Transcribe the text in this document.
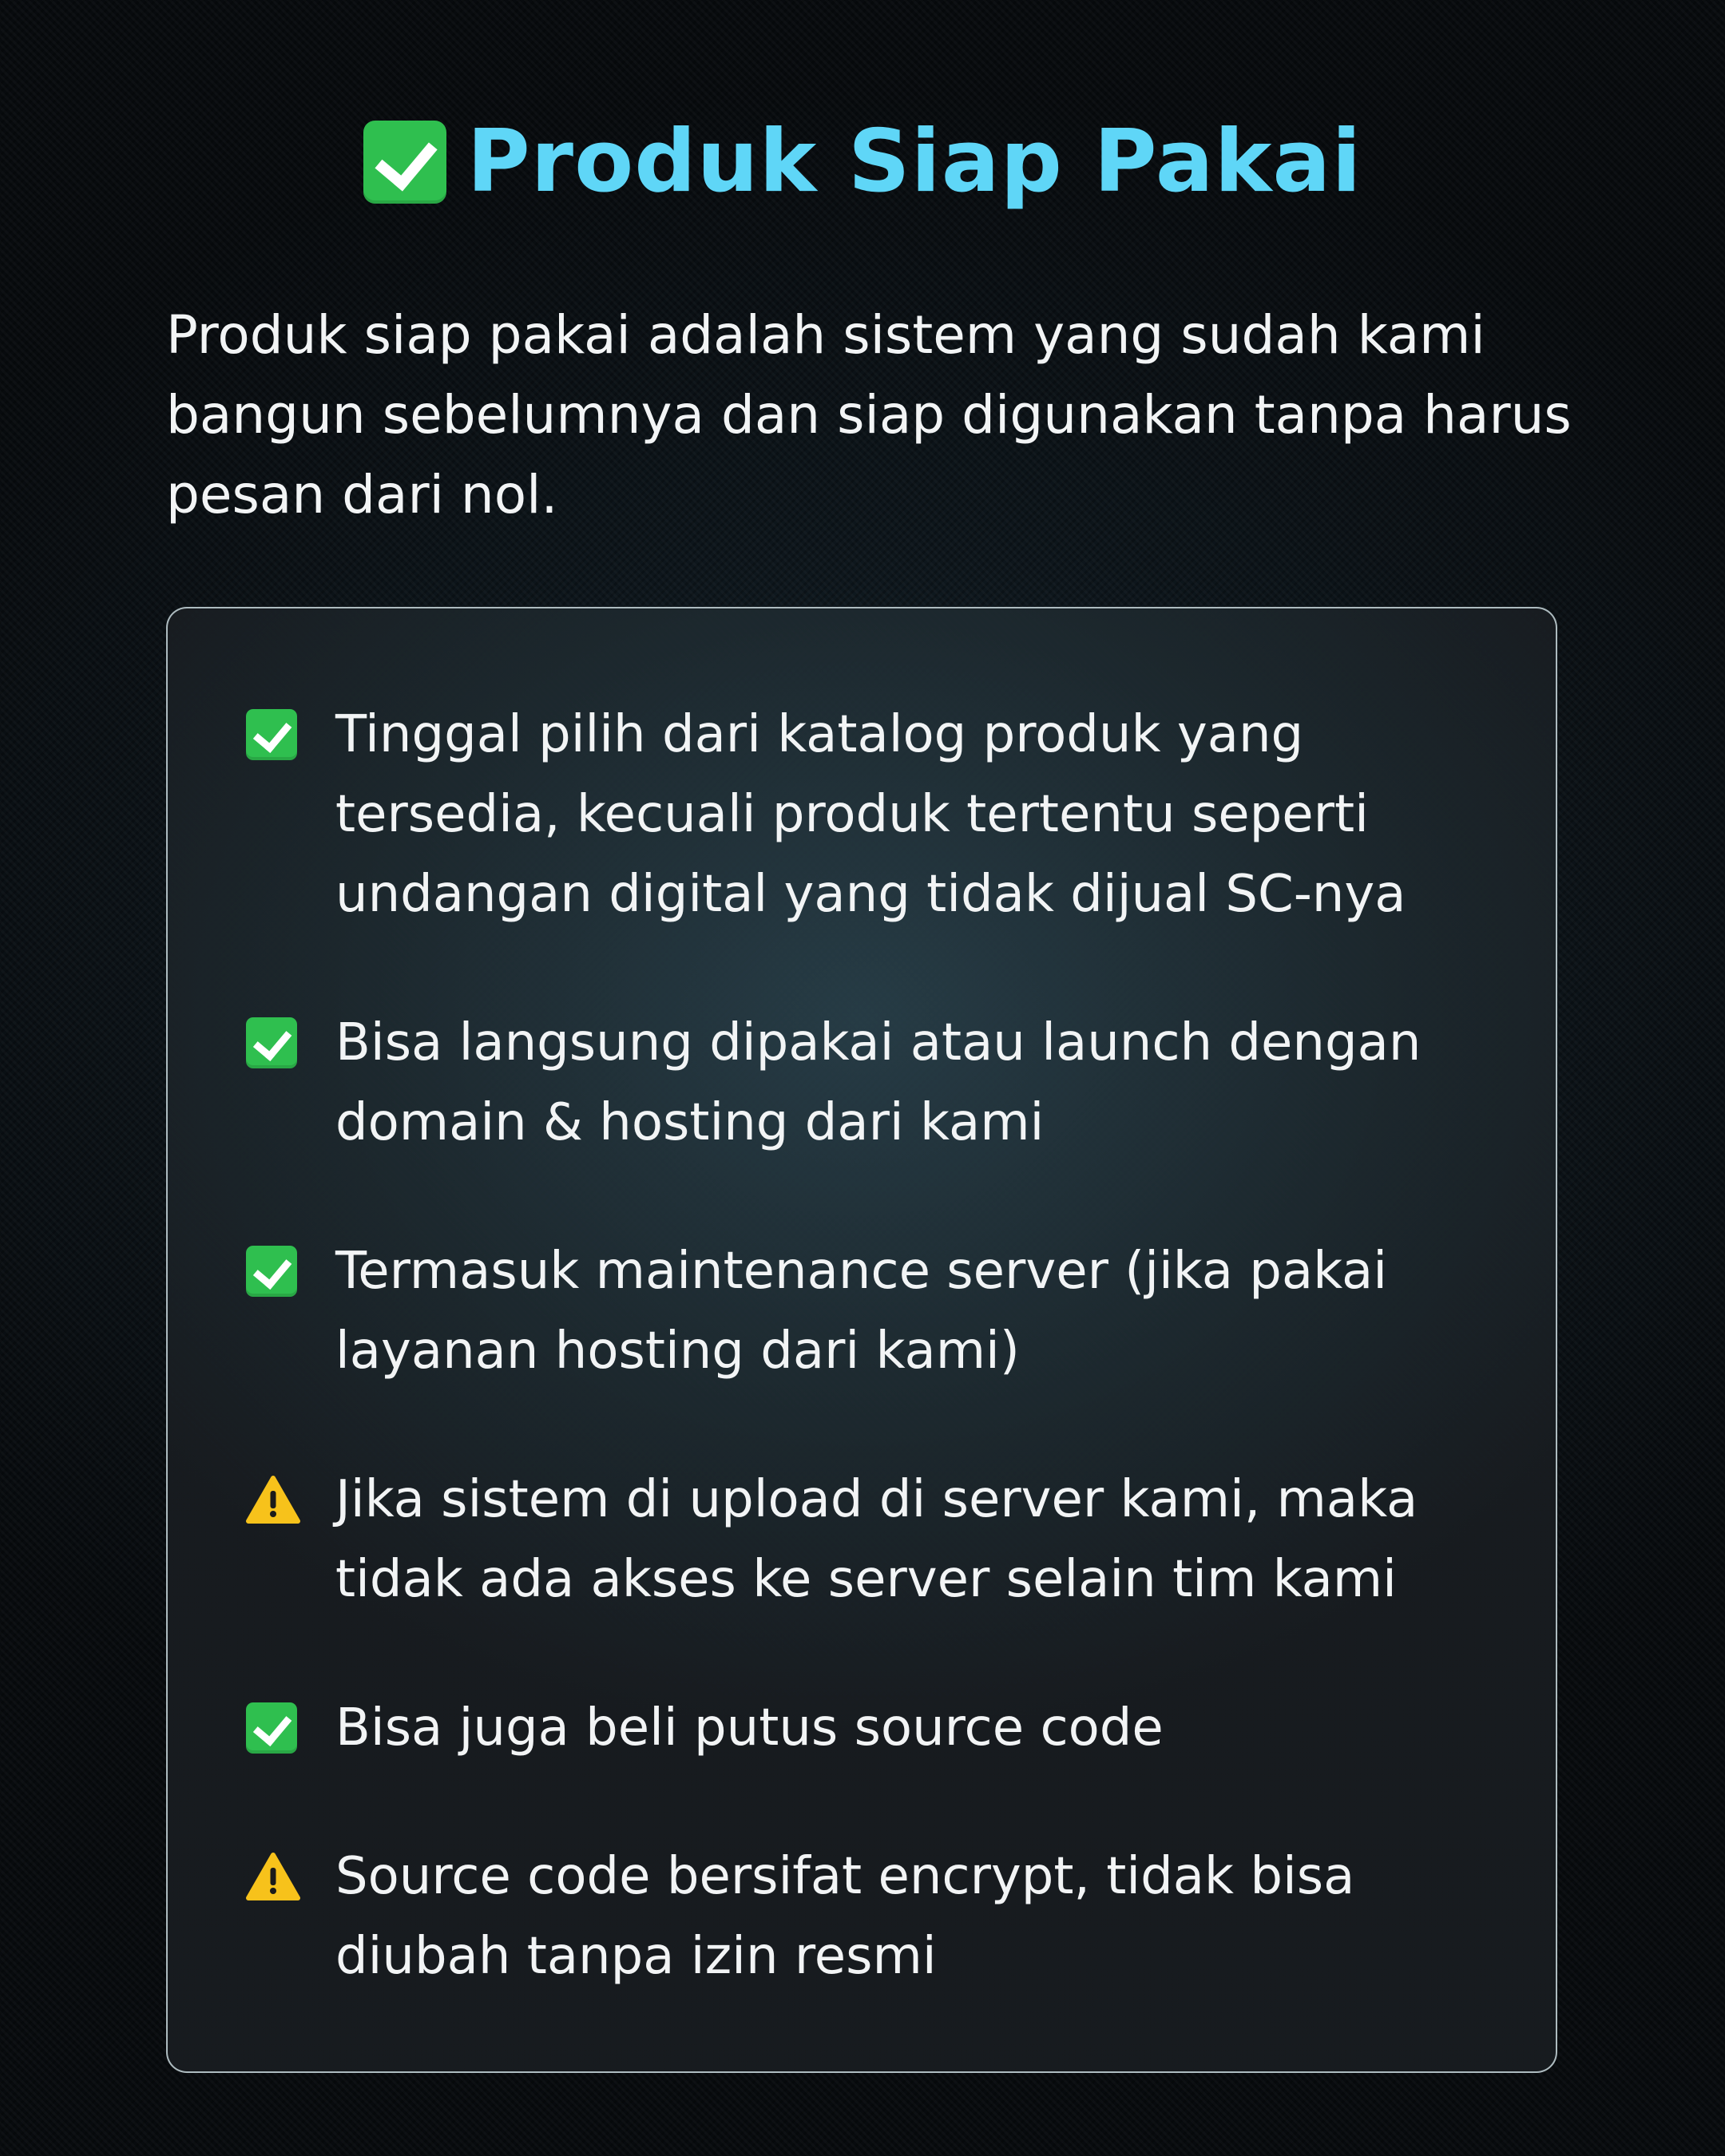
Produk Siap Pakai

Produk siap pakai adalah sistem yang sudah kami bangun sebelumnya dan siap digunakan tanpa harus pesan dari nol.

Tinggal pilih dari katalog produk yang tersedia, kecuali produk tertentu seperti undangan digital yang tidak dijual SC-nya
Bisa langsung dipakai atau launch dengan domain & hosting dari kami
Termasuk maintenance server (jika pakai layanan hosting dari kami)
Jika sistem di upload di server kami, maka tidak ada akses ke server selain tim kami
Bisa juga beli putus source code
Source code bersifat encrypt, tidak bisa diubah tanpa izin resmi
